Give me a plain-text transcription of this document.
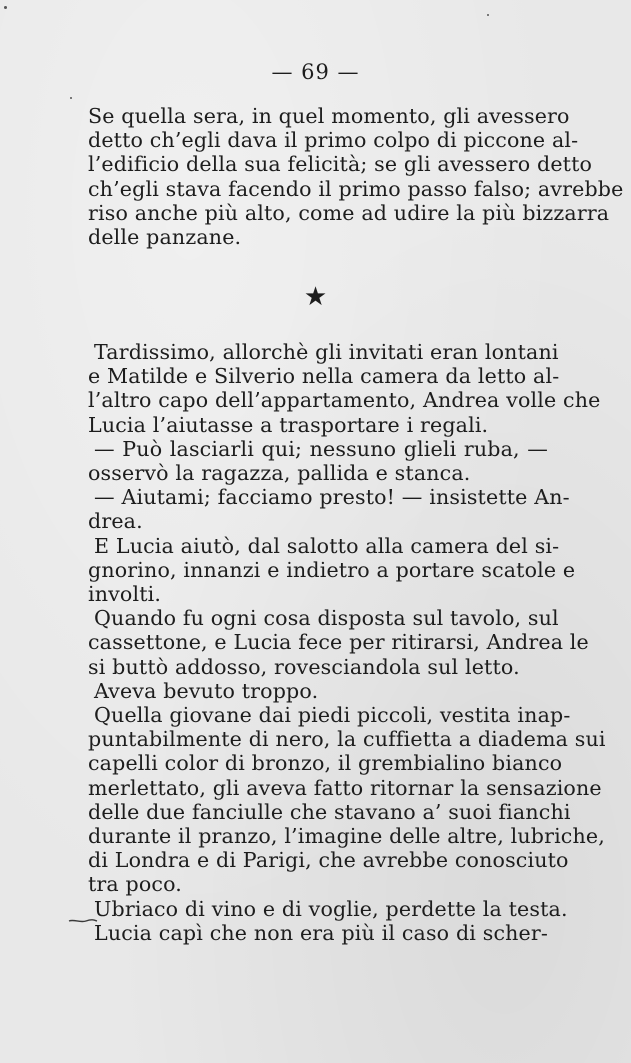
— 69 —
Se quella sera, in quel momento, gli avessero
detto ch’egli dava il primo colpo di piccone al-
l’edificio della sua felicità; se gli avessero detto
ch’egli stava facendo il primo passo falso; avrebbe
riso anche più alto, come ad udire la più bizzarra
delle panzane.
★
Tardissimo, allorchè gli invitati eran lontani
e Matilde e Silverio nella camera da letto al-
l’altro capo dell’appartamento, Andrea volle che
Lucia l’aiutasse a trasportare i regali.
— Può lasciarli qui; nessuno glieli ruba, —
osservò la ragazza, pallida e stanca.
— Aiutami; facciamo presto! — insistette An-
drea.
E Lucia aiutò, dal salotto alla camera del si-
gnorino, innanzi e indietro a portare scatole e
involti.
Quando fu ogni cosa disposta sul tavolo, sul
cassettone, e Lucia fece per ritirarsi, Andrea le
si buttò addosso, rovesciandola sul letto.
Aveva bevuto troppo.
Quella giovane dai piedi piccoli, vestita inap-
puntabilmente di nero, la cuffietta a diadema sui
capelli color di bronzo, il grembialino bianco
merlettato, gli aveva fatto ritornar la sensazione
delle due fanciulle che stavano a’ suoi fianchi
durante il pranzo, l’imagine delle altre, lubriche,
di Londra e di Parigi, che avrebbe conosciuto
tra poco.
Ubriaco di vino e di voglie, perdette la testa.
Lucia capì che non era più il caso di scher-
